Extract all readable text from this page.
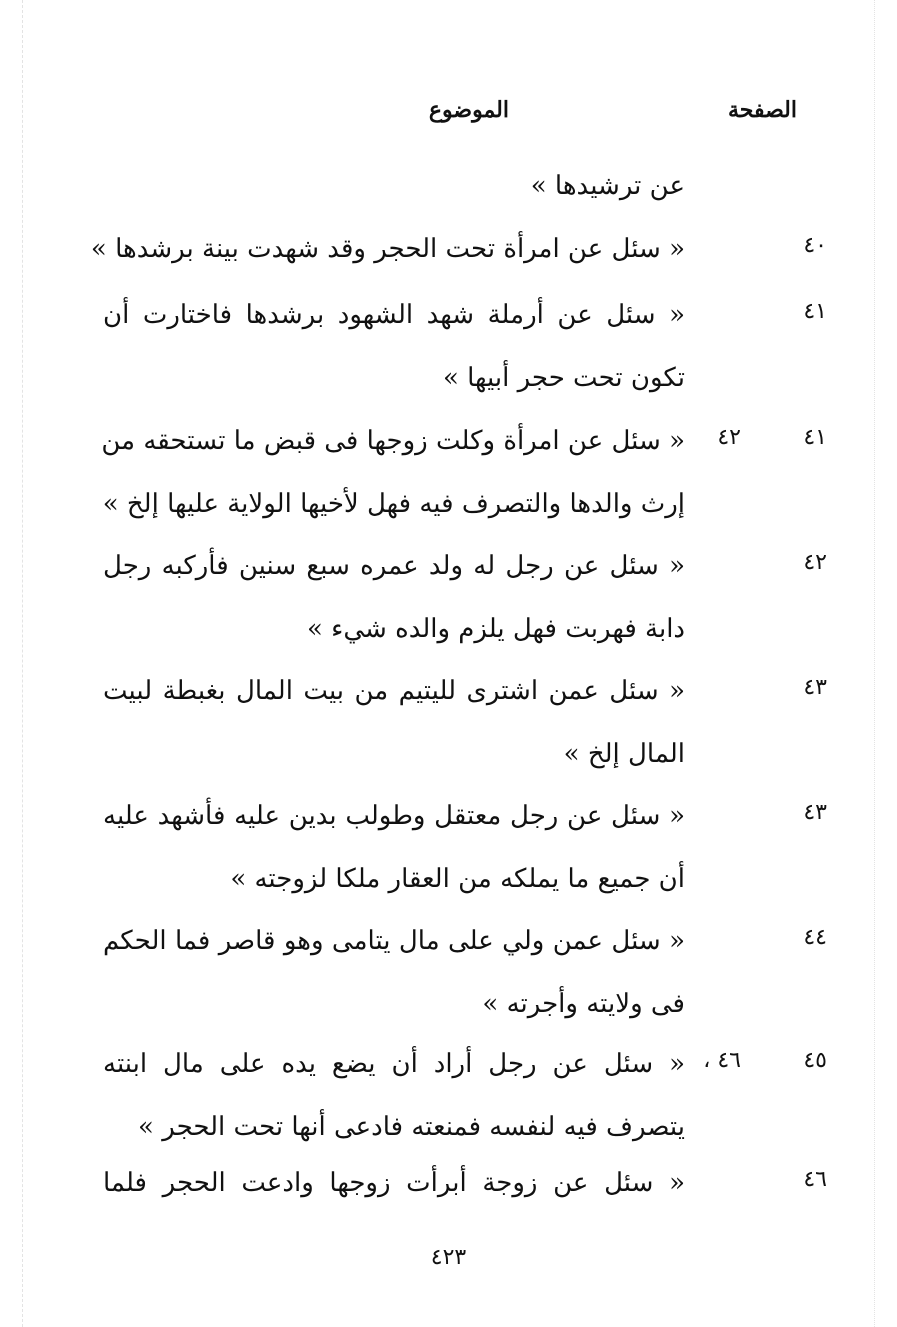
الصفحة
الموضوع
عن ترشيدها »
٤٠
« سئل عن امرأة تحت الحجر وقد شهدت بينة برشدها »
٤١
« سئل عن أرملة شهد الشهود برشدها فاختارت أن
تكون تحت حجر أبيها »
٤١
٤٢
« سئل عن امرأة وكلت زوجها فى قبض ما تستحقه من
إرث والدها والتصرف فيه فهل لأخيها الولاية عليها إلخ »
٤٢
« سئل عن رجل له ولد عمره سبع سنين فأركبه رجل
دابة فهربت فهل يلزم والده شيء »
٤٣
« سئل عمن اشترى لليتيم من بيت المال بغبطة لبيت
المال إلخ »
٤٣
« سئل عن رجل معتقل وطولب بدين عليه فأشهد عليه
أن جميع ما يملكه من العقار ملكا لزوجته »
٤٤
« سئل عمن ولي على مال يتامى وهو قاصر فما الحكم
فى ولايته وأجرته »
٤٥
٤٦ ،
« سئل عن رجل أراد أن يضع يده على مال ابنته
يتصرف فيه لنفسه فمنعته فادعى أنها تحت الحجر »
٤٦
« سئل عن زوجة أبرأت زوجها وادعت الحجر فلما
٤٢٣
